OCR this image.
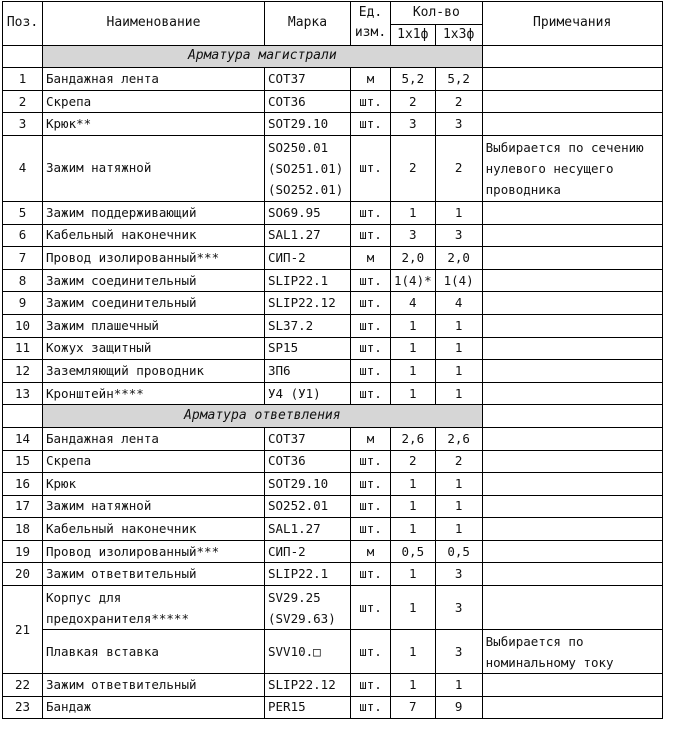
Поз.	Наименование	Марка	Ед. изм.	Кол-во		Примечания
				1х1ф	1х3ф	
	Арматура магистрали					
1	Бандажная лента	COT37	м	5,2	5,2	
2	Скрепа	COT36	шт.	2	2	
3	Крюк**	SOT29.10	шт.	3	3	
4	Зажим натяжной	SO250.01 (SO251.01) (SO252.01)	шт.	2	2	Выбирается по сечению нулевого несущего проводника
5	Зажим поддерживающий	SO69.95	шт.	1	1	
6	Кабельный наконечник	SAL1.27	шт.	3	3	
7	Провод изолированный***	СИП-2	м	2,0	2,0	
8	Зажим соединительный	SLIP22.1	шт.	1(4)*	1(4)	
9	Зажим соединительный	SLIP22.12	шт.	4	4	
10	Зажим плашечный	SL37.2	шт.	1	1	
11	Кожух защитный	SP15	шт.	1	1	
12	Заземляющий проводник	ЗП6	шт.	1	1	
13	Кронштейн****	У4 (У1)	шт.	1	1	
	Арматура ответвления					
14	Бандажная лента	COT37	м	2,6	2,6	
15	Скрепа	COT36	шт.	2	2	
16	Крюк	SOT29.10	шт.	1	1	
17	Зажим натяжной	SO252.01	шт.	1	1	
18	Кабельный наконечник	SAL1.27	шт.	1	1	
19	Провод изолированный***	СИП-2	м	0,5	0,5	
20	Зажим ответвительный	SLIP22.1	шт.	1	3	
21	Корпус для предохранителя*****	SV29.25 (SV29.63)	шт.	1	3	
	Плавкая вставка	SVV10.□	шт.	1	3	Выбирается по номинальному току
22	Зажим ответвительный	SLIP22.12	шт.	1	1	
23	Бандаж	PER15	шт.	7	9	
